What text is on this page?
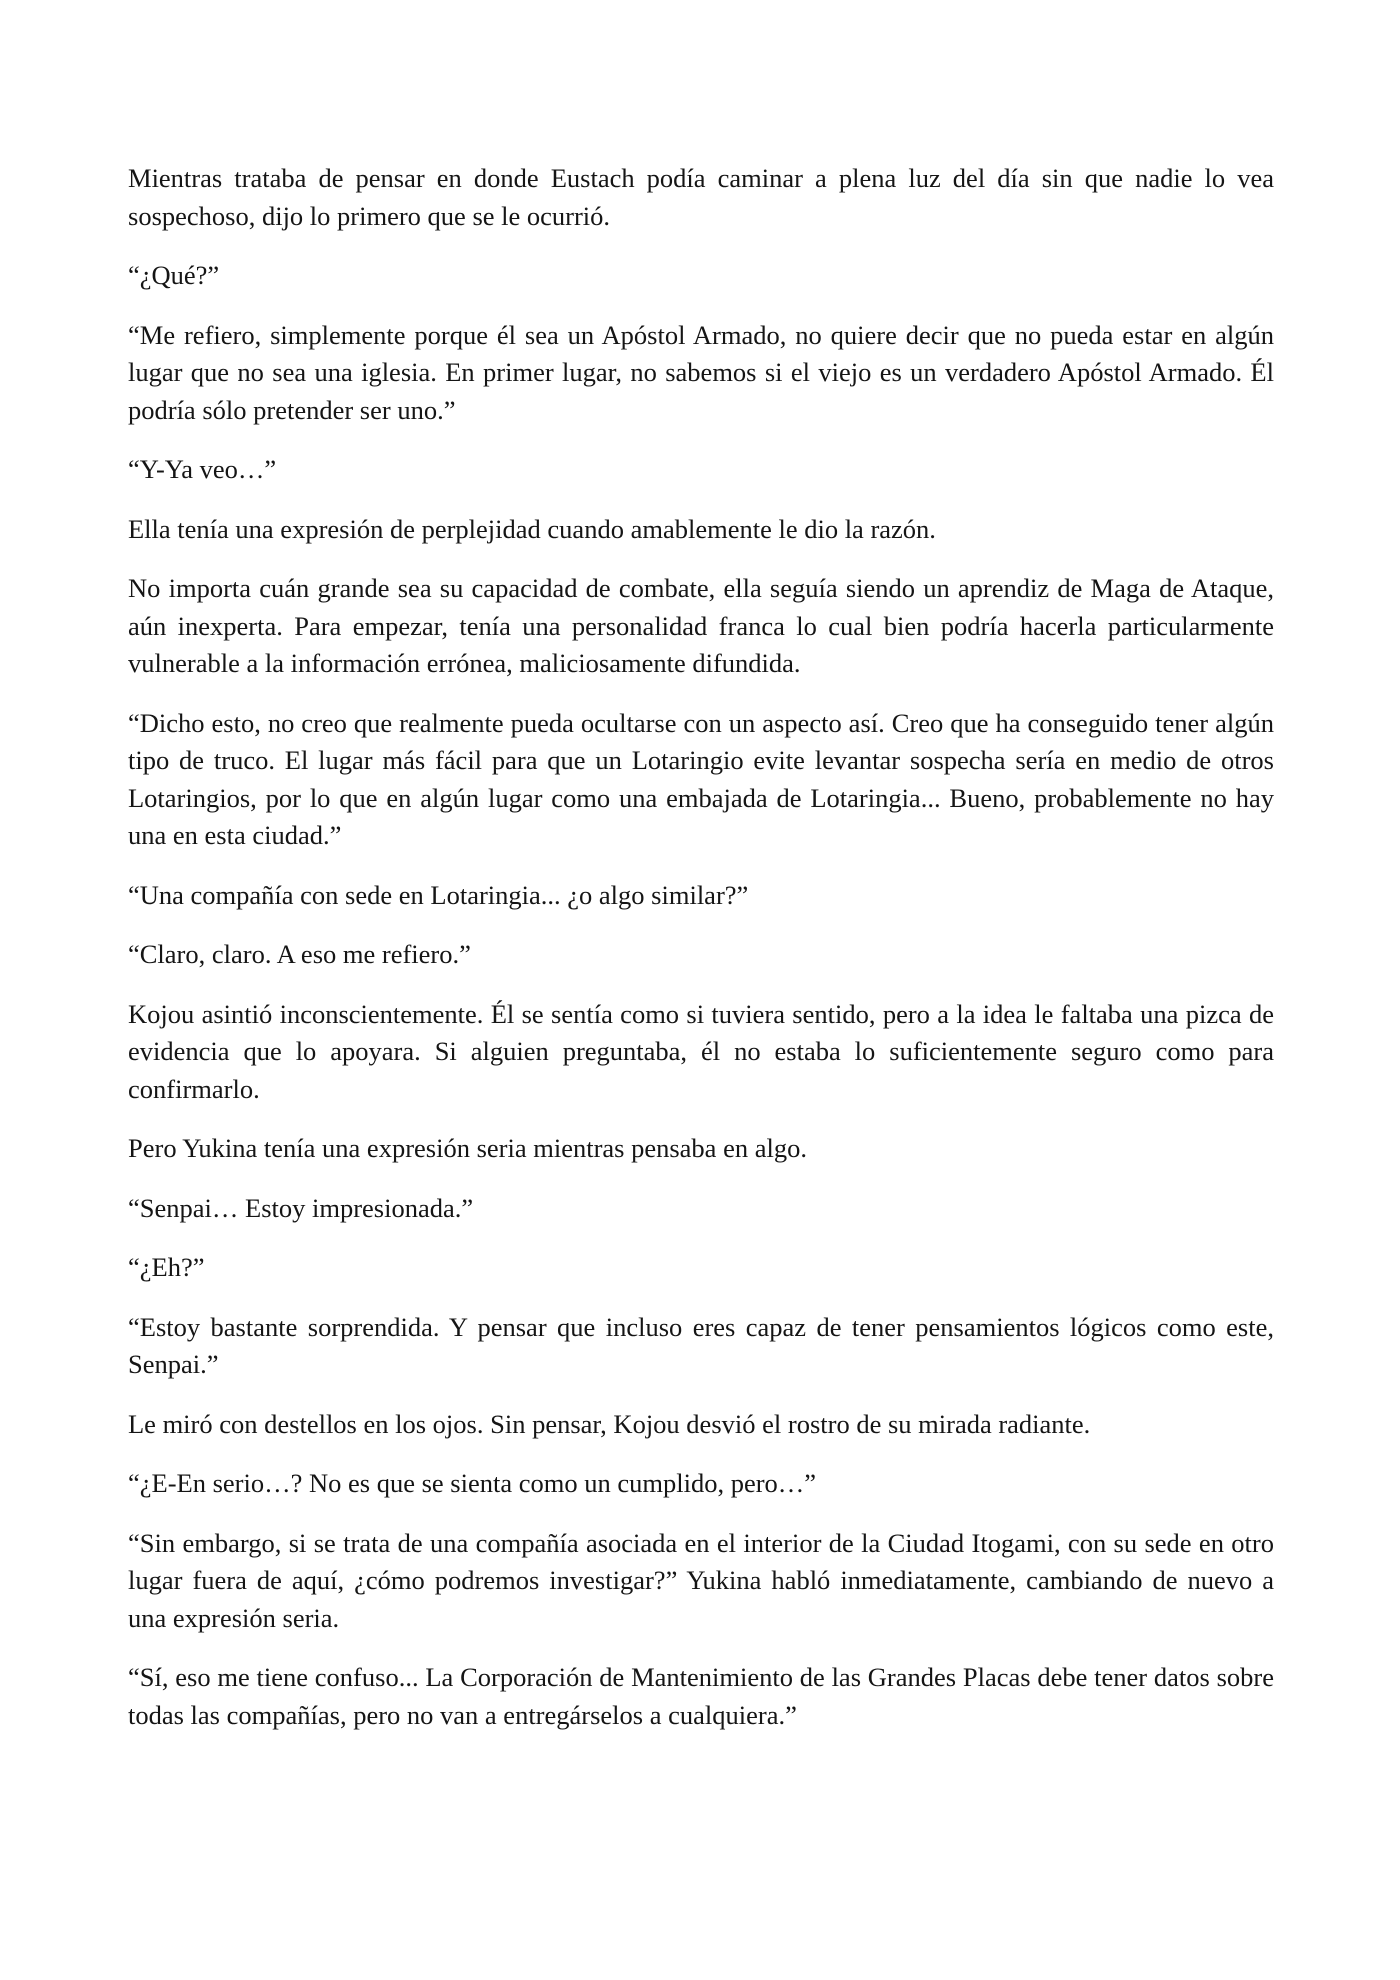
Mientras trataba de pensar en donde Eustach podía caminar a plena luz del día sin que nadie lo vea sospechoso, dijo lo primero que se le ocurrió.

“¿Qué?”

“Me refiero, simplemente porque él sea un Apóstol Armado, no quiere decir que no pueda estar en algún lugar que no sea una iglesia. En primer lugar, no sabemos si el viejo es un verdadero Apóstol Armado. Él podría sólo pretender ser uno.”

“Y-Ya veo…”

Ella tenía una expresión de perplejidad cuando amablemente le dio la razón.

No importa cuán grande sea su capacidad de combate, ella seguía siendo un aprendiz de Maga de Ataque, aún inexperta. Para empezar, tenía una personalidad franca lo cual bien podría hacerla particularmente vulnerable a la información errónea, maliciosamente difundida.

“Dicho esto, no creo que realmente pueda ocultarse con un aspecto así. Creo que ha conseguido tener algún tipo de truco. El lugar más fácil para que un Lotaringio evite levantar sospecha sería en medio de otros Lotaringios, por lo que en algún lugar como una embajada de Lotaringia... Bueno, probablemente no hay una en esta ciudad.”

“Una compañía con sede en Lotaringia... ¿o algo similar?”

“Claro, claro. A eso me refiero.”

Kojou asintió inconscientemente. Él se sentía como si tuviera sentido, pero a la idea le faltaba una pizca de evidencia que lo apoyara. Si alguien preguntaba, él no estaba lo suficientemente seguro como para confirmarlo.

Pero Yukina tenía una expresión seria mientras pensaba en algo.

“Senpai… Estoy impresionada.”

“¿Eh?”

“Estoy bastante sorprendida. Y pensar que incluso eres capaz de tener pensamientos lógicos como este, Senpai.”

Le miró con destellos en los ojos. Sin pensar, Kojou desvió el rostro de su mirada radiante.

“¿E-En serio…? No es que se sienta como un cumplido, pero…”

“Sin embargo, si se trata de una compañía asociada en el interior de la Ciudad Itogami, con su sede en otro lugar fuera de aquí, ¿cómo podremos investigar?” Yukina habló inmediatamente, cambiando de nuevo a una expresión seria.

“Sí, eso me tiene confuso... La Corporación de Mantenimiento de las Grandes Placas debe tener datos sobre todas las compañías, pero no van a entregárselos a cualquiera.”
